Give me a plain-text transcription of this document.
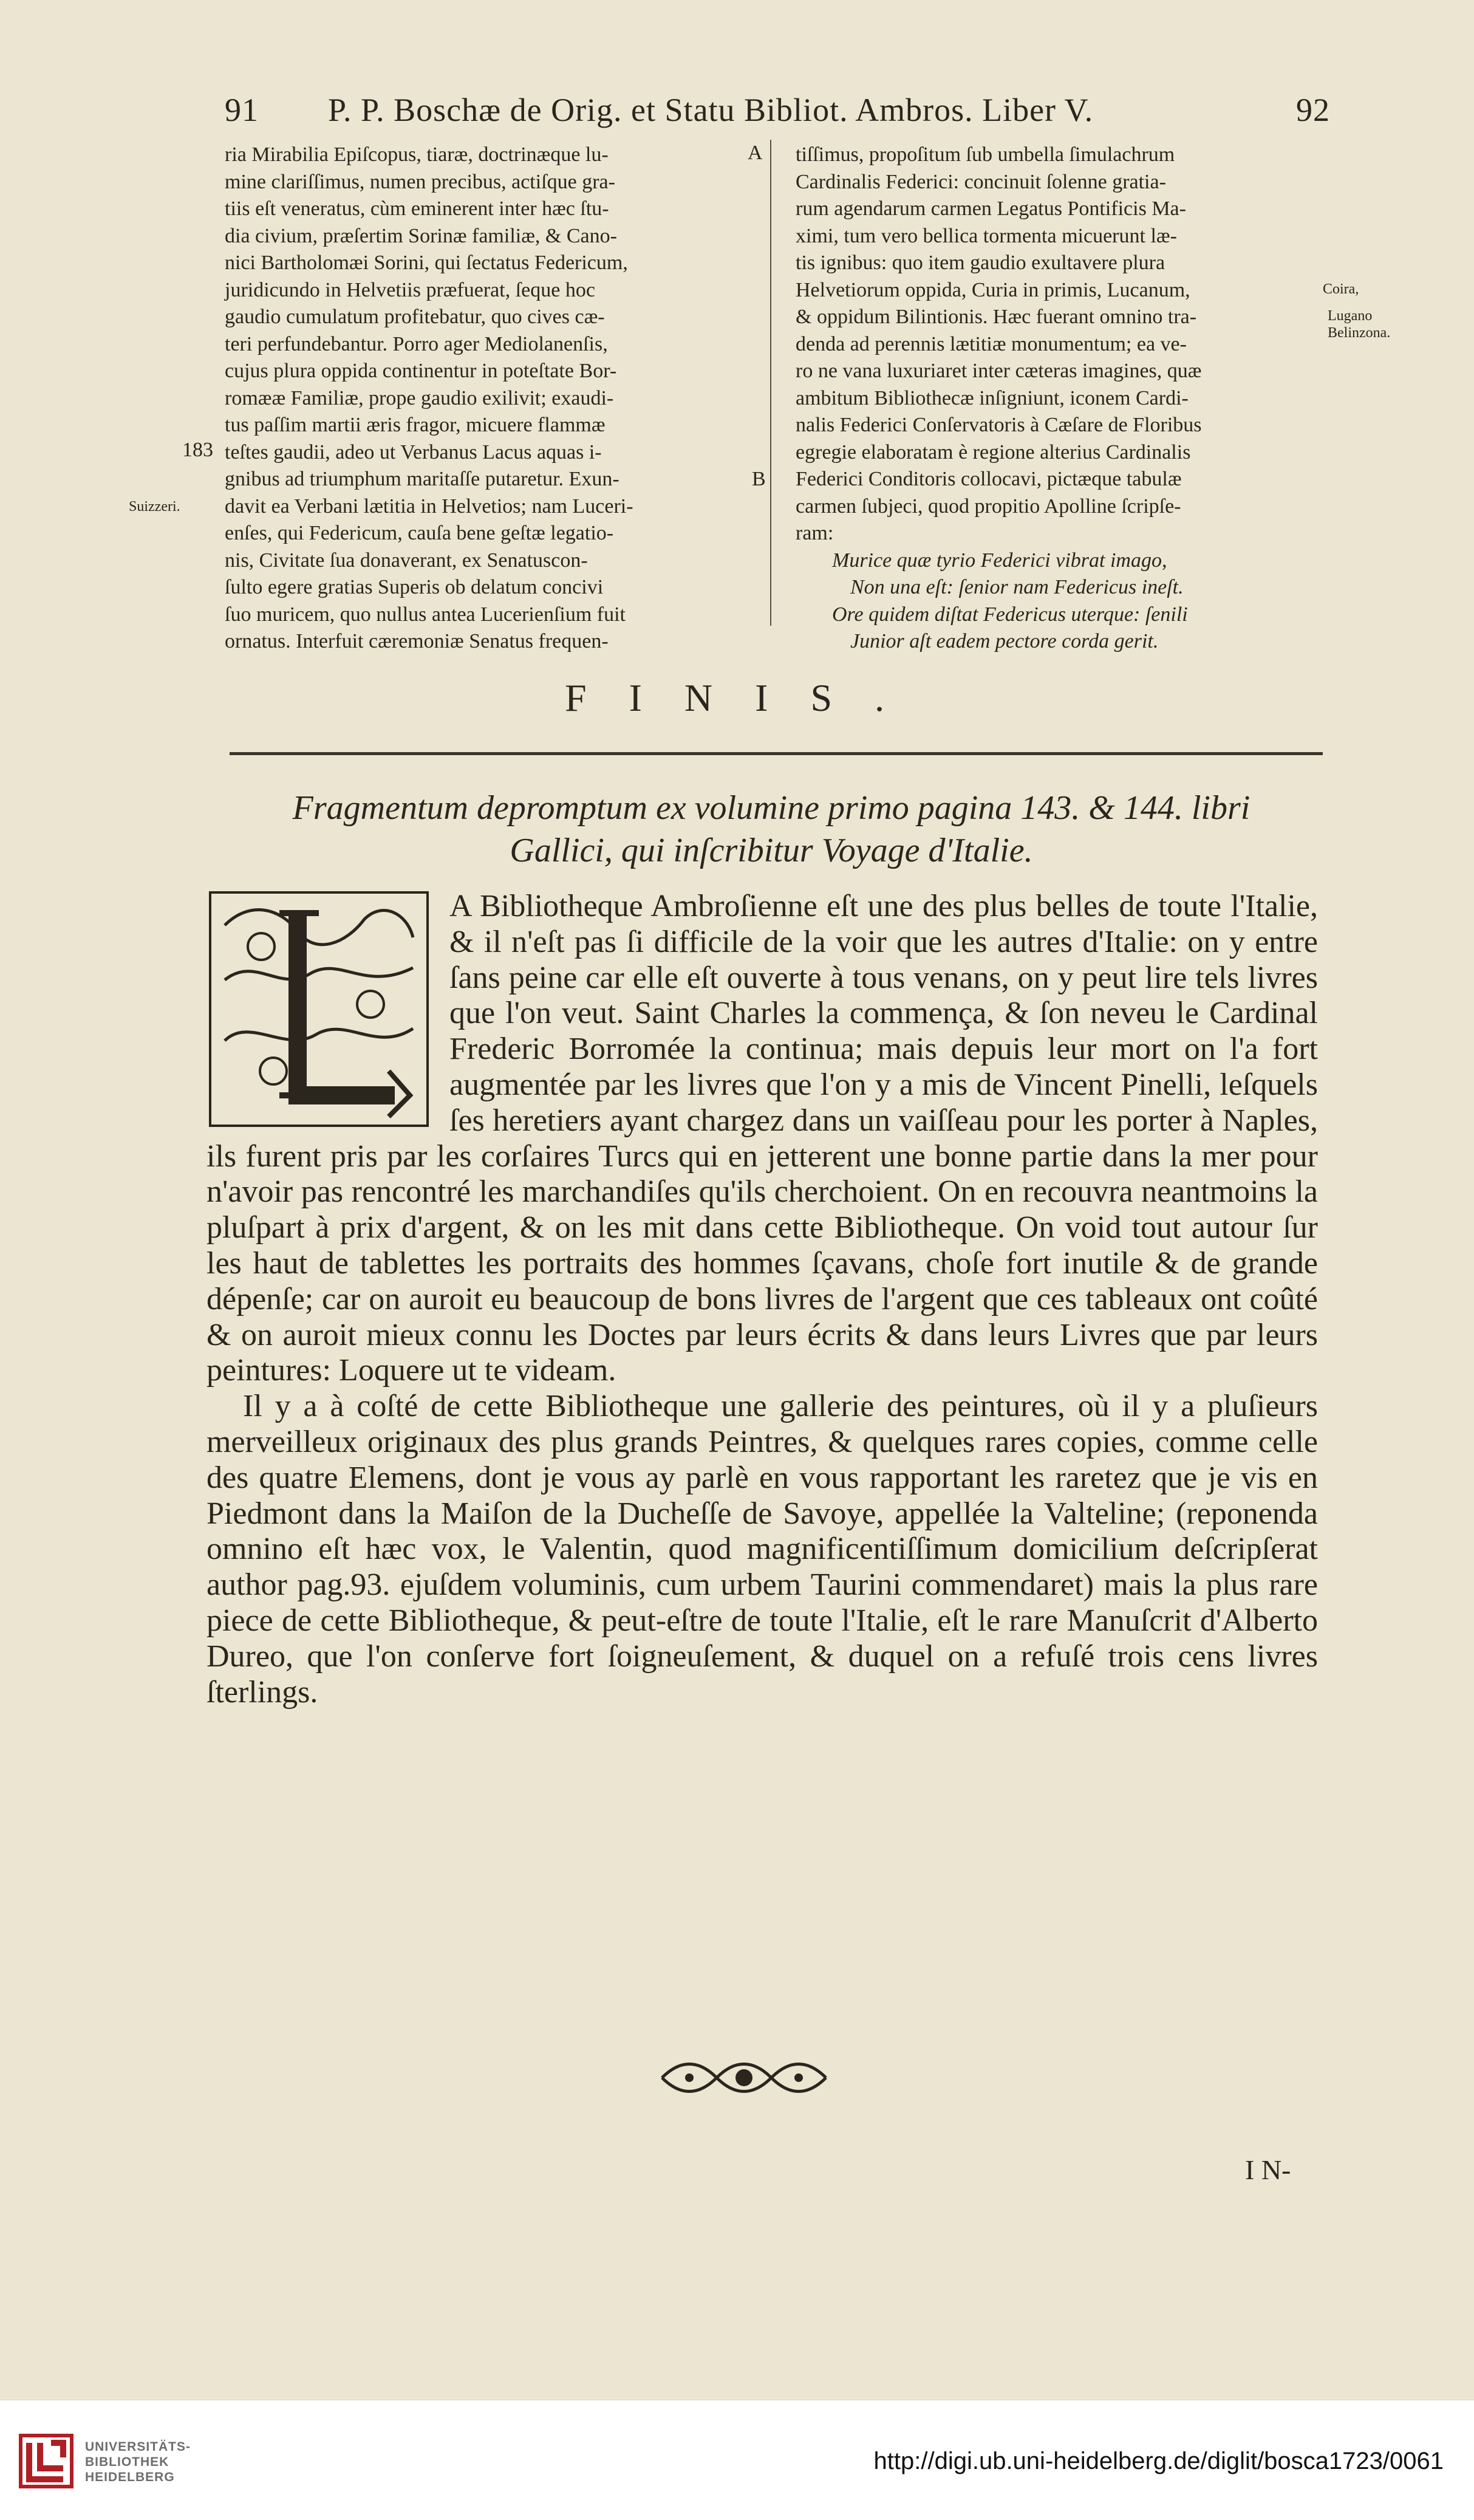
91 P. P. Boschæ de Orig. et Statu Bibliot. Ambros. Liber V.	92

ria Mirabilia Epiſcopus, tiaræ, doctrinæque lu-

mine clariſſimus, numen precibus, actiſque gra-

tiis eſt veneratus, cùm eminerent inter hæc ſtu-

dia civium, præſertim Sorinæ familiæ, & Cano-

nici Bartholomæi Sorini, qui ſectatus Federicum,

juridicundo in Helvetiis præfuerat, ſeque hoc

gaudio cumulatum profitebatur, quo cives cæ-

teri perfundebantur. Porro ager Mediolanenſis,

cujus plura oppida continentur in poteſtate Bor-

romææ Familiæ, prope gaudio exilivit; exaudi-

tus paſſim martii æris fragor, micuere flammæ

teſtes gaudii, adeo ut Verbanus Lacus aquas i-

gnibus ad triumphum maritaſſe putaretur. Exun-

davit ea Verbani lætitia in Helvetios; nam Luceri-

enſes, qui Federicum, cauſa bene geſtæ legatio-

nis, Civitate ſua donaverant, ex Senatuscon-

ſulto egere gratias Superis ob delatum concivi

ſuo muricem, quo nullus antea Lucerienſium fuit

ornatus. Interfuit cæremoniæ Senatus frequen-

A
B
183
Suizzeri.
Coira,
Lugano
Belinzona.

tiſſimus, propoſitum ſub umbella ſimulachrum

Cardinalis Federici: concinuit ſolenne gratia-

rum agendarum carmen Legatus Pontificis Ma-

ximi, tum vero bellica tormenta micuerunt læ-

tis ignibus: quo item gaudio exultavere plura

Helvetiorum oppida, Curia in primis, Lucanum,

& oppidum Bilintionis. Hæc fuerant omnino tra-

denda ad perennis lætitiæ monumentum; ea ve-

ro ne vana luxuriaret inter cæteras imagines, quæ

ambitum Bibliothecæ inſigniunt, iconem Cardi-

nalis Federici Conſervatoris à Cæſare de Floribus

egregie elaboratam è regione alterius Cardinalis

Federici Conditoris collocavi, pictæque tabulæ

carmen ſubjeci, quod propitio Apolline ſcripſe-

ram:

Murice quæ tyrio Federici vibrat imago,
Non una eſt: ſenior nam Federicus ineſt.
Ore quidem diſtat Federicus uterque: ſenili
Junior aſt eadem pectore corda gerit.
FINIS.
Fragmentum depromptum ex volumine primo pagina 143. & 144. libri
Gallici, qui inſcribitur Voyage d'Italie.

A Bibliotheque Ambroſienne eſt une des plus belles de toute l'Italie, & il n'eſt pas ſi difficile de la voir que les autres d'Italie: on y entre ſans peine car elle eſt ouverte à tous venans, on y peut lire tels livres que l'on veut. Saint Charles la commença, & ſon neveu le Cardinal Frederic Borromée la continua; mais depuis leur mort on l'a fort augmentée par les livres que l'on y a mis de Vincent Pinelli, leſquels ſes heretiers ayant chargez dans un vaiſſeau pour les porter à Naples, ils furent pris par les corſaires Turcs qui en jetterent une bonne partie dans la mer pour n'avoir pas rencontré les marchandiſes qu'ils cherchoient. On en recouvra neantmoins la pluſpart à prix d'argent, & on les mit dans cette Bibliotheque. On void tout autour ſur les haut de tablettes les portraits des hommes ſçavans, choſe fort inutile & de grande dépenſe; car on auroit eu beaucoup de bons livres de l'argent que ces tableaux ont coûté & on auroit mieux connu les Doctes par leurs écrits & dans leurs Livres que par leurs peintures: Loquere ut te videam.

Il y a à coſté de cette Bibliotheque une gallerie des peintures, où il y a pluſieurs merveilleux originaux des plus grands Peintres, & quelques rares copies, comme celle des quatre Elemens, dont je vous ay parlè en vous rapportant les raretez que je vis en Piedmont dans la Maiſon de la Ducheſſe de Savoye, appellée la Valteline; (reponenda omnino eſt hæc vox, le Valentin, quod magnificentiſſimum domicilium deſcripſerat author pag.93. ejuſdem voluminis, cum urbem Taurini commendaret) mais la plus rare piece de cette Bibliotheque, & peut-eſtre de toute l'Italie, eſt le rare Manuſcrit d'Alberto Dureo, que l'on conſerve fort ſoigneuſement, & duquel on a refuſé trois cens livres ſterlings.

I N-
UNIVERSITÄTS-
BIBLIOTHEK
HEIDELBERG
http://digi.ub.uni-heidelberg.de/diglit/bosca1723/0061
